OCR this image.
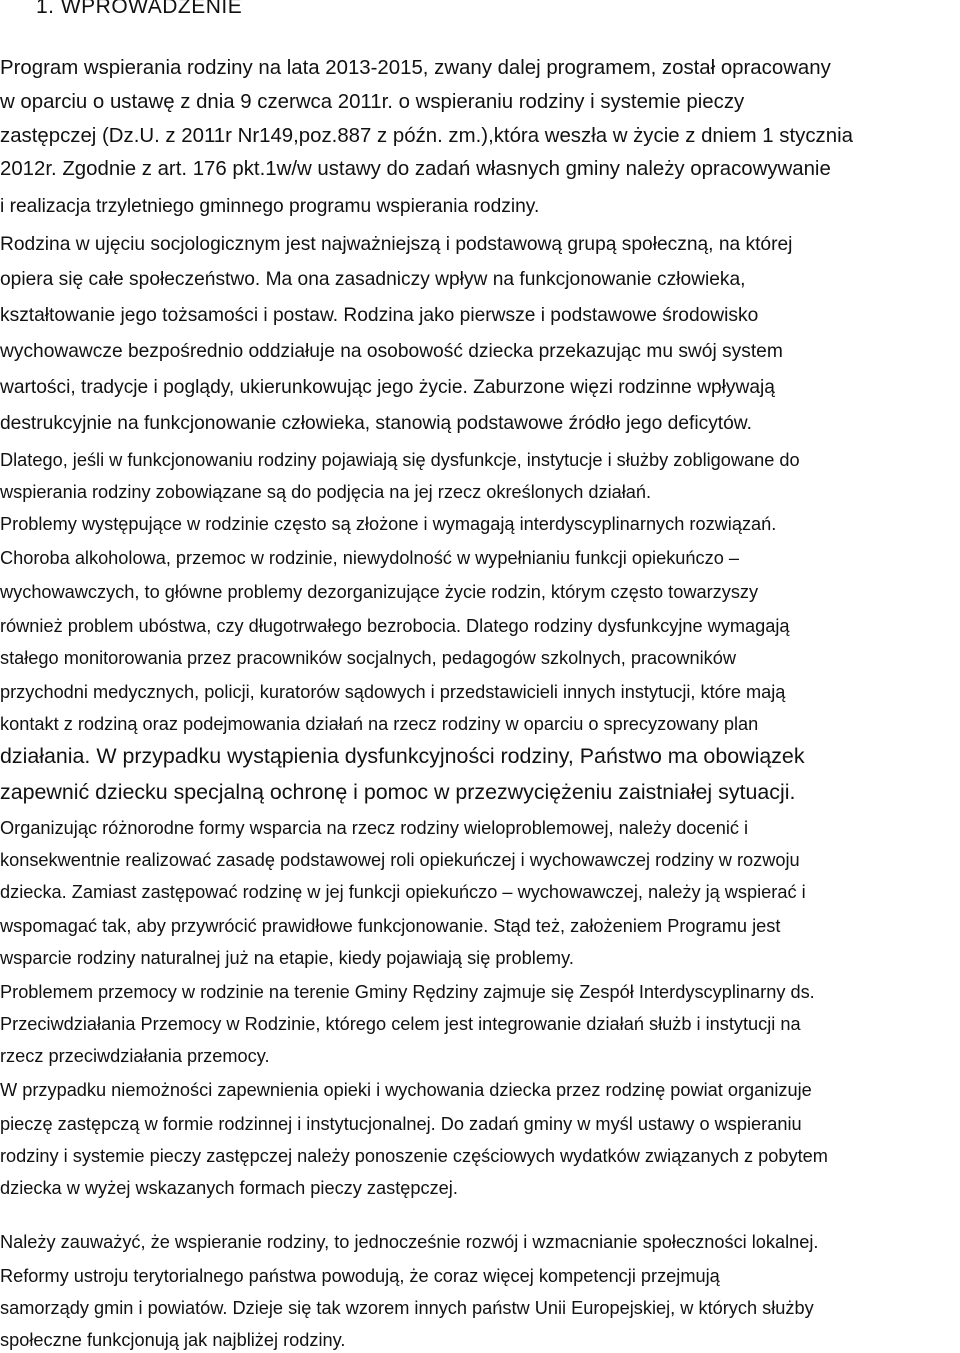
1. WPROWADZENIE
Program wspierania rodziny na lata 2013-2015, zwany dalej programem, został opracowany
w oparciu o ustawę z dnia 9 czerwca 2011r. o wspieraniu rodziny i systemie pieczy
zastępczej (Dz.U. z 2011r Nr149,poz.887 z późn. zm.),która weszła w życie z dniem 1 stycznia
2012r. Zgodnie z art. 176 pkt.1w/w ustawy do zadań własnych gminy należy opracowywanie
i realizacja trzyletniego gminnego programu wspierania rodziny.
Rodzina w ujęciu socjologicznym jest najważniejszą i podstawową grupą społeczną, na której
opiera się całe społeczeństwo. Ma ona zasadniczy wpływ na funkcjonowanie człowieka,
kształtowanie jego tożsamości i postaw. Rodzina jako pierwsze i podstawowe środowisko
wychowawcze bezpośrednio oddziałuje na osobowość dziecka przekazując mu swój system
wartości, tradycje i poglądy, ukierunkowując jego życie. Zaburzone więzi rodzinne wpływają
destrukcyjnie na funkcjonowanie człowieka, stanowią podstawowe źródło jego deficytów.
Dlatego, jeśli w funkcjonowaniu rodziny pojawiają się dysfunkcje, instytucje i służby zobligowane do
wspierania rodziny zobowiązane są do podjęcia na jej rzecz określonych działań.
Problemy występujące w rodzinie często są złożone i wymagają interdyscyplinarnych rozwiązań.
Choroba alkoholowa, przemoc w rodzinie, niewydolność w wypełnianiu funkcji opiekuńczo –
wychowawczych, to główne problemy dezorganizujące życie rodzin, którym często towarzyszy
również problem ubóstwa, czy długotrwałego bezrobocia. Dlatego rodziny dysfunkcyjne wymagają
stałego monitorowania przez pracowników socjalnych, pedagogów szkolnych, pracowników
przychodni medycznych, policji, kuratorów sądowych i przedstawicieli innych instytucji, które mają
kontakt z rodziną oraz podejmowania działań na rzecz rodziny w oparciu o sprecyzowany plan
działania. W przypadku wystąpienia dysfunkcyjności rodziny, Państwo ma obowiązek
zapewnić dziecku specjalną ochronę i pomoc w przezwyciężeniu zaistniałej sytuacji.
Organizując różnorodne formy wsparcia na rzecz rodziny wieloproblemowej, należy docenić i
konsekwentnie realizować zasadę podstawowej roli opiekuńczej i wychowawczej rodziny w rozwoju
dziecka. Zamiast zastępować rodzinę w jej funkcji opiekuńczo – wychowawczej, należy ją wspierać i
wspomagać tak, aby przywrócić prawidłowe funkcjonowanie. Stąd też, założeniem Programu jest
wsparcie rodziny naturalnej już na etapie, kiedy pojawiają się problemy.
Problemem przemocy w rodzinie na terenie Gminy Rędziny zajmuje się Zespół Interdyscyplinarny ds.
Przeciwdziałania Przemocy w Rodzinie, którego celem jest integrowanie działań służb i instytucji na
rzecz przeciwdziałania przemocy.
W przypadku niemożności zapewnienia opieki i wychowania dziecka przez rodzinę powiat organizuje
pieczę zastępczą w formie rodzinnej i instytucjonalnej. Do zadań gminy w myśl ustawy o wspieraniu
rodziny i systemie pieczy zastępczej należy ponoszenie częściowych wydatków związanych z pobytem
dziecka w wyżej wskazanych formach pieczy zastępczej.
Należy zauważyć, że wspieranie rodziny, to jednocześnie rozwój i wzmacnianie społeczności lokalnej.
Reformy ustroju terytorialnego państwa powodują, że coraz więcej kompetencji przejmują
samorządy gmin i powiatów. Dzieje się tak wzorem innych państw Unii Europejskiej, w których służby
społeczne funkcjonują jak najbliżej rodziny.
